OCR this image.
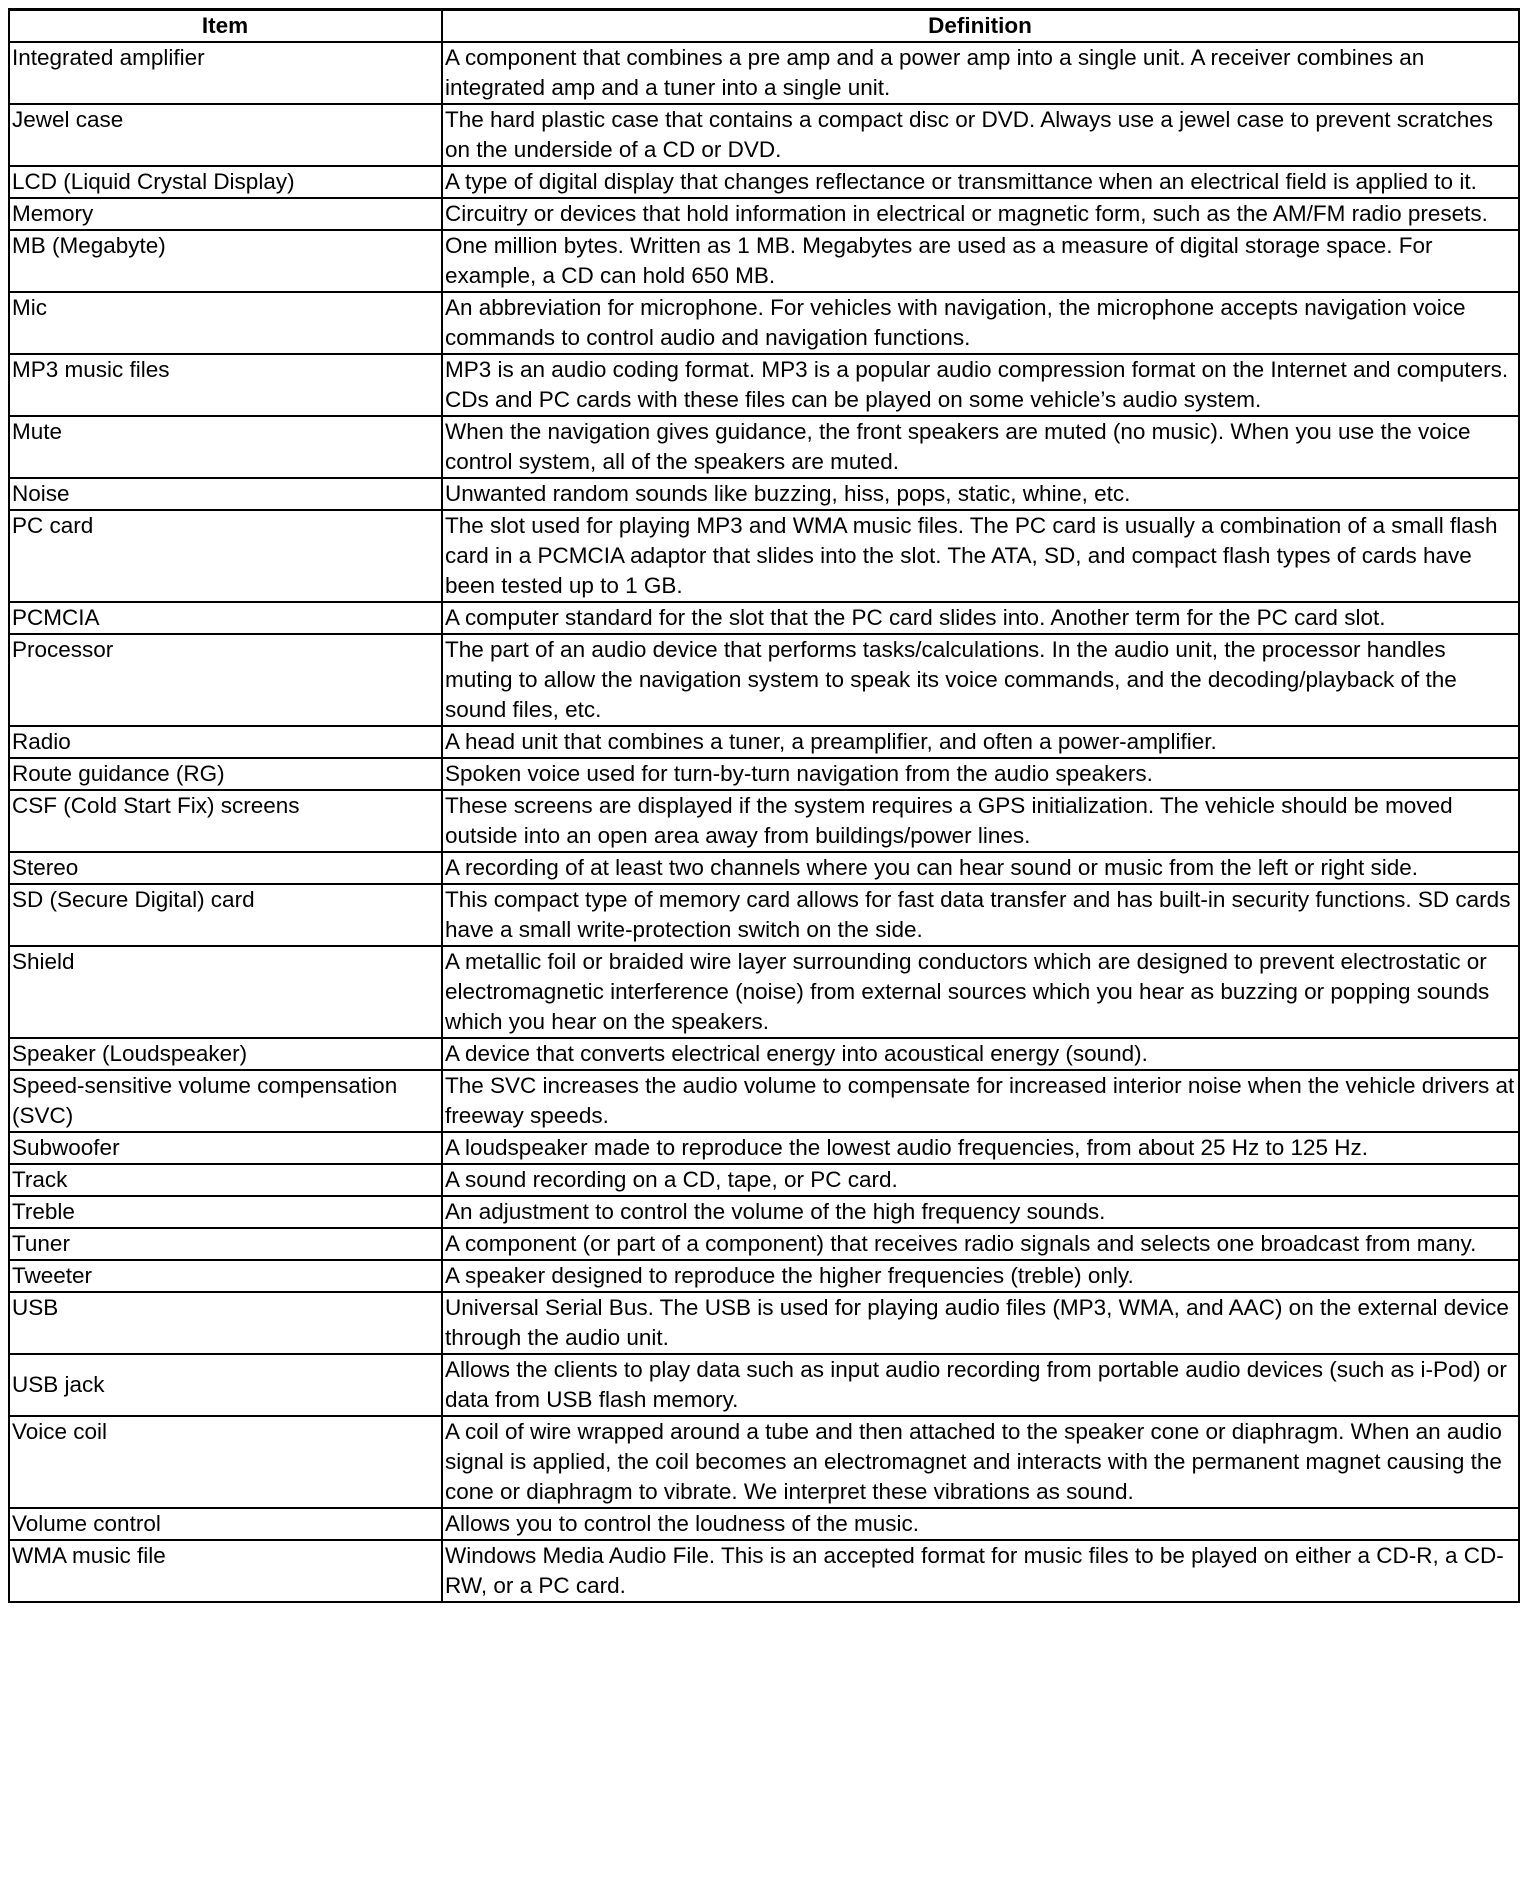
Item	Definition
Integrated amplifier	A component that combines a pre amp and a power amp into a single unit. A receiver combines an integrated amp and a tuner into a single unit.
Jewel case	The hard plastic case that contains a compact disc or DVD. Always use a jewel case to prevent scratches on the underside of a CD or DVD.
LCD (Liquid Crystal Display)	A type of digital display that changes reflectance or transmittance when an electrical field is applied to it.
Memory	Circuitry or devices that hold information in electrical or magnetic form, such as the AM/FM radio presets.
MB (Megabyte)	One million bytes. Written as 1 MB. Megabytes are used as a measure of digital storage space. For example, a CD can hold 650 MB.
Mic	An abbreviation for microphone. For vehicles with navigation, the microphone accepts navigation voice commands to control audio and navigation functions.
MP3 music files	MP3 is an audio coding format. MP3 is a popular audio compression format on the Internet and computers. CDs and PC cards with these files can be played on some vehicle’s audio system.
Mute	When the navigation gives guidance, the front speakers are muted (no music). When you use the voice control system, all of the speakers are muted.
Noise	Unwanted random sounds like buzzing, hiss, pops, static, whine, etc.
PC card	The slot used for playing MP3 and WMA music files. The PC card is usually a combination of a small flash card in a PCMCIA adaptor that slides into the slot. The ATA, SD, and compact flash types of cards have been tested up to 1 GB.
PCMCIA	A computer standard for the slot that the PC card slides into. Another term for the PC card slot.
Processor	The part of an audio device that performs tasks/calculations. In the audio unit, the processor handles muting to allow the navigation system to speak its voice commands, and the decoding/playback of the sound files, etc.
Radio	A head unit that combines a tuner, a preamplifier, and often a power-amplifier.
Route guidance (RG)	Spoken voice used for turn-by-turn navigation from the audio speakers.
CSF (Cold Start Fix) screens	These screens are displayed if the system requires a GPS initialization. The vehicle should be moved outside into an open area away from buildings/power lines.
Stereo	A recording of at least two channels where you can hear sound or music from the left or right side.
SD (Secure Digital) card	This compact type of memory card allows for fast data transfer and has built-in security functions. SD cards have a small write-protection switch on the side.
Shield	A metallic foil or braided wire layer surrounding conductors which are designed to prevent electrostatic or electromagnetic interference (noise) from external sources which you hear as buzzing or popping sounds which you hear on the speakers.
Speaker (Loudspeaker)	A device that converts electrical energy into acoustical energy (sound).
Speed-sensitive volume compensation (SVC)	The SVC increases the audio volume to compensate for increased interior noise when the vehicle drivers at freeway speeds.
Subwoofer	A loudspeaker made to reproduce the lowest audio frequencies, from about 25 Hz to 125 Hz.
Track	A sound recording on a CD, tape, or PC card.
Treble	An adjustment to control the volume of the high frequency sounds.
Tuner	A component (or part of a component) that receives radio signals and selects one broadcast from many.
Tweeter	A speaker designed to reproduce the higher frequencies (treble) only.
USB	Universal Serial Bus. The USB is used for playing audio files (MP3, WMA, and AAC) on the external device through the audio unit.
USB jack	Allows the clients to play data such as input audio recording from portable audio devices (such as i-Pod) or data from USB flash memory.
Voice coil	A coil of wire wrapped around a tube and then attached to the speaker cone or diaphragm. When an audio signal is applied, the coil becomes an electromagnet and interacts with the permanent magnet causing the cone or diaphragm to vibrate. We interpret these vibrations as sound.
Volume control	Allows you to control the loudness of the music.
WMA music file	Windows Media Audio File. This is an accepted format for music files to be played on either a CD-R, a CD-RW, or a PC card.
